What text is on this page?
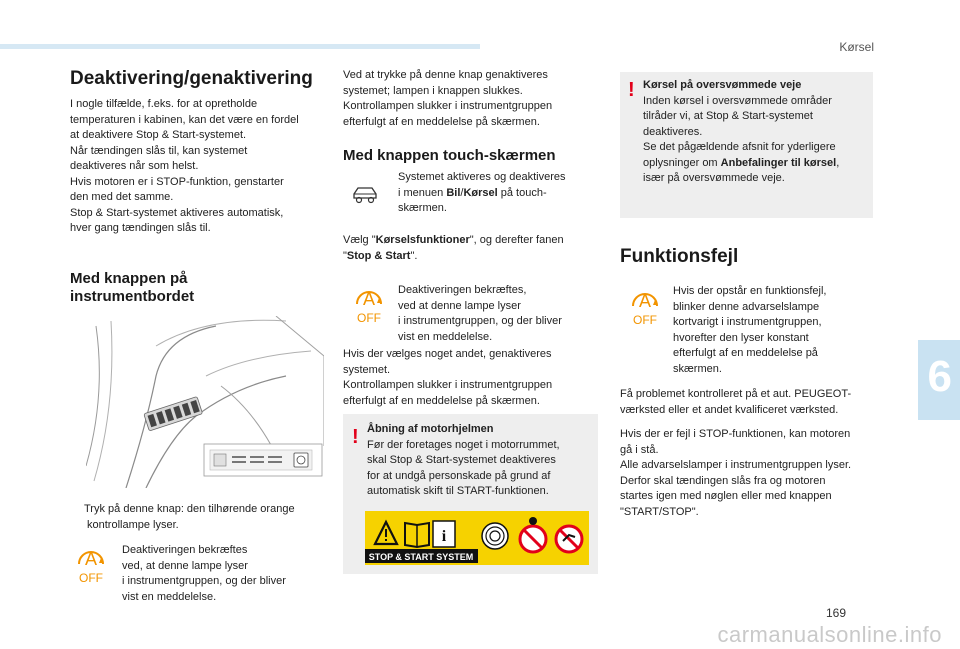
Kørsel
6
169
carmanualsonline.info
Deaktivering/genaktivering

I nogle tilfælde, f.eks. for at opretholde

temperaturen i kabinen, kan det være en fordel

at deaktivere Stop & Start-systemet.

Når tændingen slås til, kan systemet

deaktiveres når som helst.

Hvis motoren er i STOP-funktion, genstarter

den med det samme.

Stop & Start-systemet aktiveres automatisk,

hver gang tændingen slås til.

Med knappen på
instrumentbordet

Tryk på denne knap: den tilhørende orange

kontrollampe lyser.

A
OFF

Deaktiveringen bekræftes

ved, at denne lampe lyser

i instrumentgruppen, og der bliver

vist en meddelelse.

Ved at trykke på denne knap genaktiveres

systemet; lampen i knappen slukkes.

Kontrollampen slukker i instrumentgruppen

efterfulgt af en meddelelse på skærmen.

Med knappen touch-skærmen

Systemet aktiveres og deaktiveres

i menuen Bil/Kørsel på touch-

skærmen.

Vælg "Kørselsfunktioner", og derefter fanen

"Stop & Start".

A
OFF

Deaktiveringen bekræftes,

ved at denne lampe lyser

i instrumentgruppen, og der bliver

vist en meddelelse.

Hvis der vælges noget andet, genaktiveres

systemet.

Kontrollampen slukker i instrumentgruppen

efterfulgt af en meddelelse på skærmen.

! Åbning af motorhjelmen

Før der foretages noget i motorrummet,

skal Stop & Start-systemet deaktiveres

for at undgå personskade på grund af

automatisk skift til START-funktionen.

i
STOP & START SYSTEM
! Kørsel på oversvømmede veje

Inden kørsel i oversvømmede områder

tilråder vi, at Stop & Start-systemet

deaktiveres.

Se det pågældende afsnit for yderligere

oplysninger om Anbefalinger til kørsel,

især på oversvømmede veje.

Funktionsfejl
A
OFF

Hvis der opstår en funktionsfejl,

blinker denne advarselslampe

kortvarigt i instrumentgruppen,

hvorefter den lyser konstant

efterfulgt af en meddelelse på

skærmen.

Få problemet kontrolleret på et aut. PEUGEOT-

værksted eller et andet kvalificeret værksted.

Hvis der er fejl i STOP-funktionen, kan motoren

gå i stå.

Alle advarselslamper i instrumentgruppen lyser.

Derfor skal tændingen slås fra og motoren

startes igen med nøglen eller med knappen

"START/STOP".
